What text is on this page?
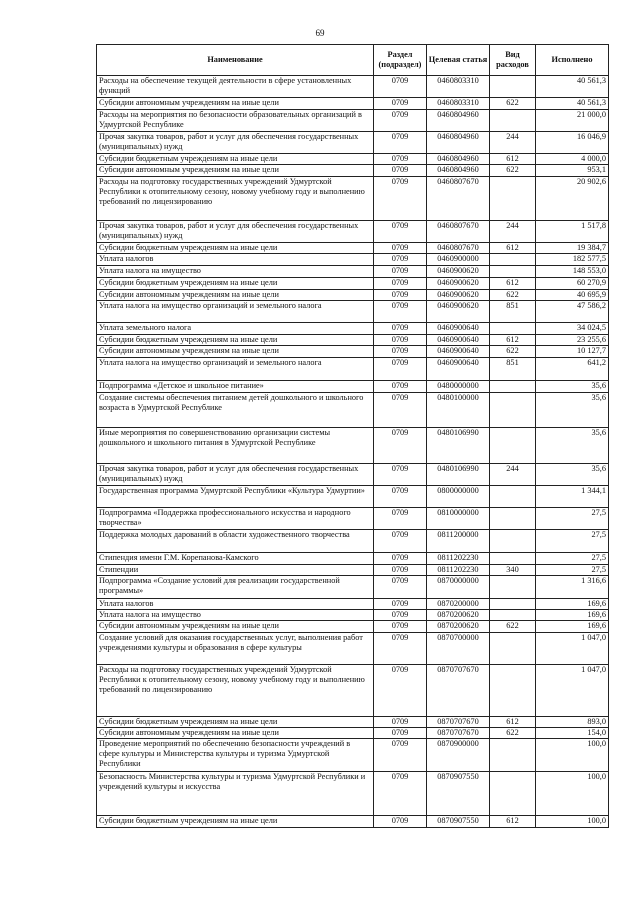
69
Наименование	Раздел (подраздел)	Целевая статья	Вид расходов	Исполнено
Расходы на обеспечение текущей деятельности в сфере установленных функций	0709	0460803310		40 561,3
Субсидии автономным учреждениям на иные цели	0709	0460803310	622	40 561,3
Расходы на мероприятия по безопасности образовательных организаций в Удмуртской Республике	0709	0460804960		21 000,0
Прочая закупка товаров, работ и услуг для обеспечения государственных (муниципальных) нужд	0709	0460804960	244	16 046,9
Субсидии бюджетным учреждениям на иные цели	0709	0460804960	612	4 000,0
Субсидии автономным учреждениям на иные цели	0709	0460804960	622	953,1
Расходы на подготовку государственных учреждений Удмуртской Республики к отопительному сезону, новому учебному году и выполнению требований по лицензированию	0709	0460807670		20 902,6
Прочая закупка товаров, работ и услуг для обеспечения государственных (муниципальных) нужд	0709	0460807670	244	1 517,8
Субсидии бюджетным учреждениям на иные цели	0709	0460807670	612	19 384,7
Уплата налогов	0709	0460900000		182 577,5
Уплата налога на имущество	0709	0460900620		148 553,0
Субсидии бюджетным учреждениям на иные цели	0709	0460900620	612	60 270,9
Субсидии автономным учреждениям на иные цели	0709	0460900620	622	40 695,9
Уплата налога на имущество организаций и земельного налога	0709	0460900620	851	47 586,2
Уплата земельного налога	0709	0460900640		34 024,5
Субсидии бюджетным учреждениям на иные цели	0709	0460900640	612	23 255,6
Субсидии автономным учреждениям на иные цели	0709	0460900640	622	10 127,7
Уплата налога на имущество организаций и земельного налога	0709	0460900640	851	641,2
Подпрограмма «Детское и школьное питание»	0709	0480000000		35,6
Создание системы обеспечения питанием детей дошкольного и школьного возраста в Удмуртской Республике	0709	0480100000		35,6
Иные мероприятия по совершенствованию организации системы дошкольного и школьного питания в Удмуртской Республике	0709	0480106990		35,6
Прочая закупка товаров, работ и услуг для обеспечения государственных (муниципальных) нужд	0709	0480106990	244	35,6
Государственная программа Удмуртской Республики «Культура Удмуртии»	0709	0800000000		1 344,1
Подпрограмма «Поддержка профессионального искусства и народного творчества»	0709	0810000000		27,5
Поддержка молодых дарований в области художественного творчества	0709	0811200000		27,5
Стипендия имени Г.М. Корепанова-Камского	0709	0811202230		27,5
Стипендии	0709	0811202230	340	27,5
Подпрограмма «Создание условий для реализации государственной программы»	0709	0870000000		1 316,6
Уплата налогов	0709	0870200000		169,6
Уплата налога на имущество	0709	0870200620		169,6
Субсидии автономным учреждениям на иные цели	0709	0870200620	622	169,6
Создание условий для оказания государственных услуг, выполнения работ учреждениями культуры и образования в сфере культуры	0709	0870700000		1 047,0
Расходы на подготовку государственных учреждений Удмуртской Республики к отопительному сезону, новому учебному году и выполнению требований по лицензированию	0709	0870707670		1 047,0
Субсидии бюджетным учреждениям на иные цели	0709	0870707670	612	893,0
Субсидии автономным учреждениям на иные цели	0709	0870707670	622	154,0
Проведение мероприятий по обеспечению безопасности учреждений в сфере культуры и Министерства культуры и туризма Удмуртской Республики	0709	0870900000		100,0
Безопасность Министерства культуры и туризма Удмуртской Республики и учреждений культуры и искусства	0709	0870907550		100,0
Субсидии бюджетным учреждениям на иные цели	0709	0870907550	612	100,0
